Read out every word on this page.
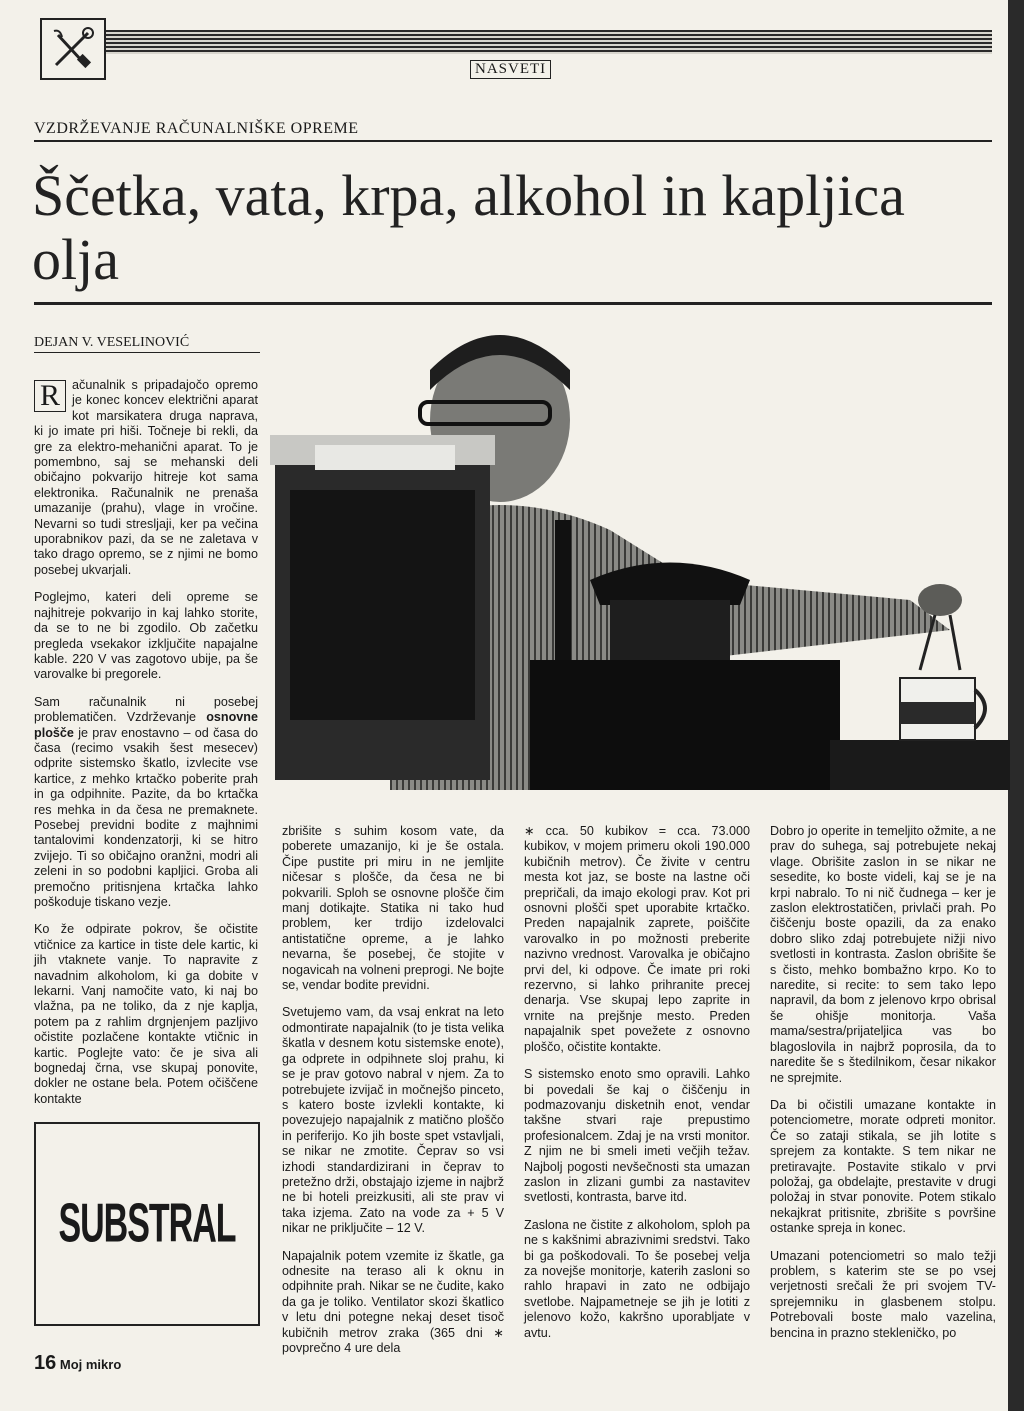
NASVETI
VZDRŽEVANJE RAČUNALNIŠKE OPREME
Ščetka, vata, krpa, alkohol in kapljica olja
DEJAN V. VESELINOVIĆ

R ačunalnik s pripadajočo opremo je konec koncev električni aparat kot marsikatera druga naprava, ki jo imate pri hiši. Točneje bi rekli, da gre za elektro-mehanični aparat. To je pomembno, saj se mehanski deli običajno pokvarijo hitreje kot sama elektronika. Računalnik ne prenaša umazanije (prahu), vlage in vročine. Nevarni so tudi stresljaji, ker pa večina uporabnikov pazi, da se ne zaletava v tako drago opremo, se z njimi ne bomo posebej ukvarjali.

Poglejmo, kateri deli opreme se najhitreje pokvarijo in kaj lahko storite, da se to ne bi zgodilo. Ob začetku pregleda vsekakor izključite napajalne kable. 220 V vas zagotovo ubije, pa še varovalke bi pregorele.

Sam računalnik ni posebej problematičen. Vzdrževanje osnovne plošče je prav enostavno – od časa do časa (recimo vsakih šest mesecev) odprite sistemsko škatlo, izvlecite vse kartice, z mehko krtačko poberite prah in ga odpihnite. Pazite, da bo krtačka res mehka in da česa ne premaknete. Posebej previdni bodite z majhnimi tantalovimi kondenzatorji, ki se hitro zvijejo. Ti so običajno oranžni, modri ali zeleni in so podobni kapljici. Groba ali premočno pritisnjena krtačka lahko poškoduje tiskano vezje.

Ko že odpirate pokrov, še očistite vtičnice za kartice in tiste dele kartic, ki jih vtaknete vanje. To napravite z navadnim alkoholom, ki ga dobite v lekarni. Vanj namočite vato, ki naj bo vlažna, pa ne toliko, da z nje kaplja, potem pa z rahlim drgnjenjem pazljivo očistite pozlačene kontakte vtičnic in kartic. Poglejte vato: če je siva ali bognedaj črna, vse skupaj ponovite, dokler ne ostane bela. Potem očiščene kontakte

SUBSTRAL

zbrišite s suhim kosom vate, da poberete umazanijo, ki je še ostala. Čipe pustite pri miru in ne jemljite ničesar s plošče, da česa ne bi pokvarili. Sploh se osnovne plošče čim manj dotikajte. Statika ni tako hud problem, ker trdijo izdelovalci antistatične opreme, a je lahko nevarna, še posebej, če stojite v nogavicah na volneni preprogi. Ne bojte se, vendar bodite previdni.

Svetujemo vam, da vsaj enkrat na leto odmontirate napajalnik (to je tista velika škatla v desnem kotu sistemske enote), ga odprete in odpihnete sloj prahu, ki se je prav gotovo nabral v njem. Za to potrebujete izvijač in močnejšo pinceto, s katero boste izvlekli kontakte, ki povezujejo napajalnik z matično ploščo in periferijo. Ko jih boste spet vstavljali, se nikar ne zmotite. Čeprav so vsi izhodi standardizirani in čeprav to pretežno drži, obstajajo izjeme in najbrž ne bi hoteli preizkusiti, ali ste prav vi taka izjema. Zato na vode za + 5 V nikar ne priključite – 12 V.

Napajalnik potem vzemite iz škatle, ga odnesite na teraso ali k oknu in odpihnite prah. Nikar se ne čudite, kako da ga je toliko. Ventilator skozi škatlico v letu dni potegne nekaj deset tisoč kubičnih metrov zraka (365 dni ∗ povprečno 4 ure dela

∗ cca. 50 kubikov = cca. 73.000 kubikov, v mojem primeru okoli 190.000 kubičnih metrov). Če živite v centru mesta kot jaz, se boste na lastne oči prepričali, da imajo ekologi prav. Kot pri osnovni plošči spet uporabite krtačko. Preden napajalnik zaprete, poiščite varovalko in po možnosti preberite nazivno vrednost. Varovalka je običajno prvi del, ki odpove. Če imate pri roki rezervno, si lahko prihranite precej denarja. Vse skupaj lepo zaprite in vrnite na prejšnje mesto. Preden napajalnik spet povežete z osnovno ploščo, očistite kontakte.

S sistemsko enoto smo opravili. Lahko bi povedali še kaj o čiščenju in podmazovanju disketnih enot, vendar takšne stvari raje prepustimo profesionalcem. Zdaj je na vrsti monitor. Z njim ne bi smeli imeti večjih težav. Najbolj pogosti nevšečnosti sta umazan zaslon in zlizani gumbi za nastavitev svetlosti, kontrasta, barve itd.

Zaslona ne čistite z alkoholom, sploh pa ne s kakšnimi abrazivnimi sredstvi. Tako bi ga poškodovali. To še posebej velja za novejše monitorje, katerih zasloni so rahlo hrapavi in zato ne odbijajo svetlobe. Najpametneje se jih je lotiti z jelenovo kožo, kakršno uporabljate v avtu.

Dobro jo operite in temeljito ožmite, a ne prav do suhega, saj potrebujete nekaj vlage. Obrišite zaslon in se nikar ne sesedite, ko boste videli, kaj se je na krpi nabralo. To ni nič čudnega – ker je zaslon elektrostatičen, privlači prah. Po čiščenju boste opazili, da za enako dobro sliko zdaj potrebujete nižji nivo svetlosti in kontrasta. Zaslon obrišite še s čisto, mehko bombažno krpo. Ko to naredite, si recite: to sem tako lepo napravil, da bom z jelenovo krpo obrisal še ohišje monitorja. Vaša mama/sestra/prijateljica vas bo blagoslovila in najbrž poprosila, da to naredite še s štedilnikom, česar nikakor ne sprejmite.

Da bi očistili umazane kontakte in potenciometre, morate odpreti monitor. Če so zataji stikala, se jih lotite s sprejem za kontakte. S tem nikar ne pretiravajte. Postavite stikalo v prvi položaj, ga obdelajte, prestavite v drugi položaj in stvar ponovite. Potem stikalo nekajkrat pritisnite, zbrišite s površine ostanke spreja in konec.

Umazani potenciometri so malo težji problem, s katerim ste se po vsej verjetnosti srečali že pri svojem TV-sprejemniku in glasbenem stolpu. Potrebovali boste malo vazelina, bencina in prazno stekleničko, po

16 Moj mikro
